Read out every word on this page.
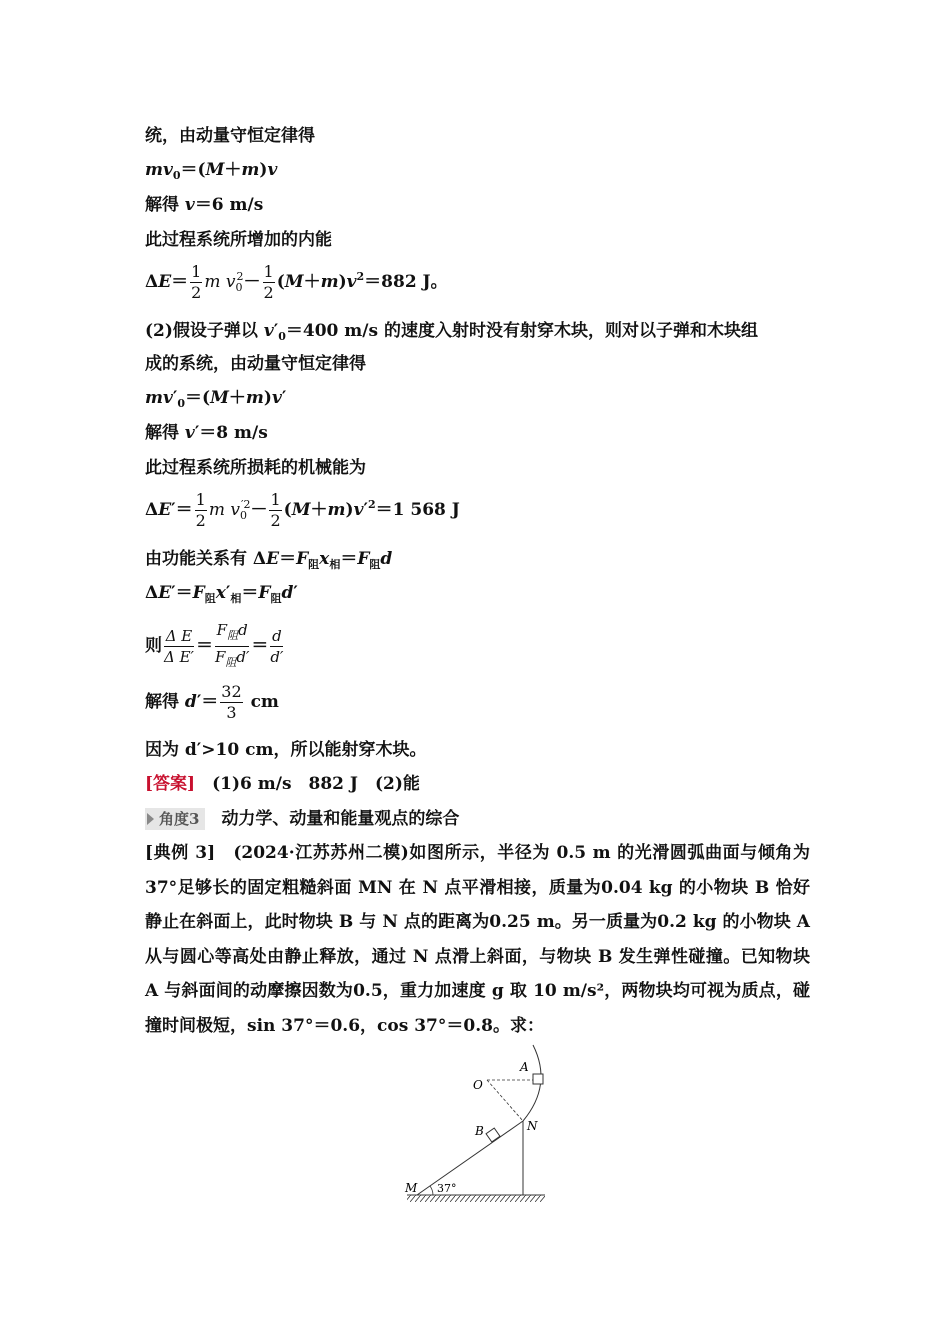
统，由动量守恒定律得
$mv_0=(M+m)v$
解得 v＝6 m/s
此过程系统所增加的内能
$\Delta E= \frac{1}{2}$ m $v_0^2- \frac{1}{2} (M+m)v^2=882$ J。
(2)假设子弹以 $v'_0=400$ m/s 的速度入射时没有射穿木块，则对以子弹和木块组
成的系统，由动量守恒定律得
$mv'_0=(M+m)v'$
解得 v′＝8 m/s
此过程系统所损耗的机械能为
$\Delta E'= \frac{1}{2}$ m $v_0^{'2}- \frac{1}{2} (M+m)v'^2=1$ 568 J
由功能关系有 $\Delta E=F_阻x_相=F_阻d$
$\Delta E'=F_阻x'_相=F_阻d'$
则 $\frac{\text{Δ E}}{\text{Δ E′}} = \frac{F_阻d}{F_阻d'} = \frac{d}{d'}$
解得 $d'= \frac{32}{3}$ cm
因为 d′>10 cm，所以能射穿木块。
[答案]　 (1)6 m/s　882 J　(2)能
角度3 动力学、动量和能量观点的综合
[典例 3]　(2024·江苏苏州二模)如图所示，半径为 0.5 m 的光滑圆弧曲面与倾角为37°足够长的固定粗糙斜面 MN 在 N 点平滑相接，质量为0.04 kg 的小物块 B 恰好静止在斜面上，此时物块 B 与 N 点的距离为0.25 m。另一质量为0.2 kg 的小物块 A 从与圆心等高处由静止释放，通过 N 点滑上斜面，与物块 B 发生弹性碰撞。已知物块 A 与斜面间的动摩擦因数为0.5，重力加速度 g 取 10 m/s²，两物块均可视为质点，碰撞时间极短，sin 37°＝0.6，cos 37°＝0.8。求：
O
A
B	N
M 37°
